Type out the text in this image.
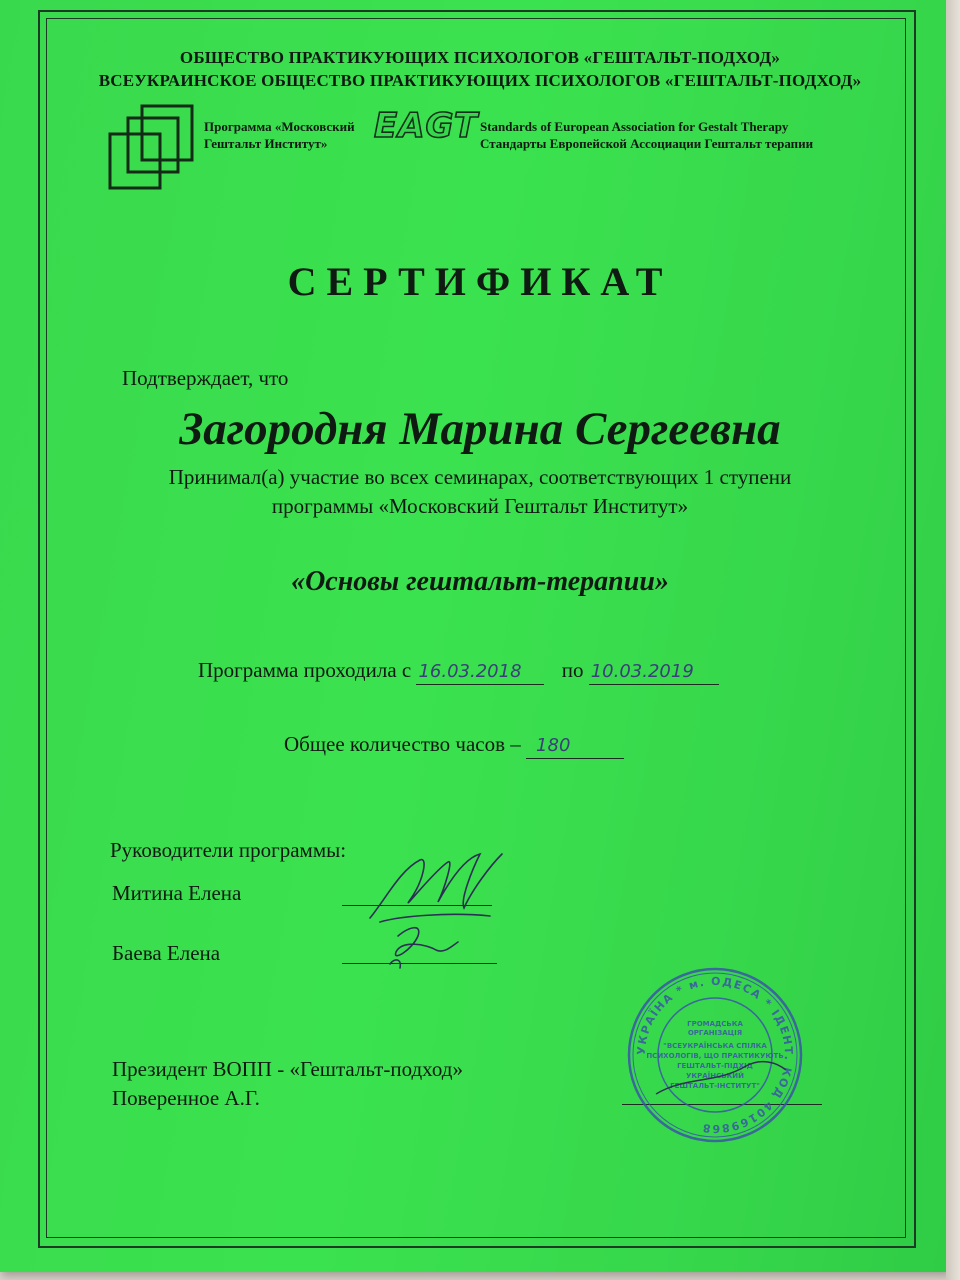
ОБЩЕСТВО ПРАКТИКУЮЩИХ ПСИХОЛОГОВ «ГЕШТАЛЬТ-ПОДХОД»
ВСЕУКРАИНСКОЕ ОБЩЕСТВО ПРАКТИКУЮЩИХ ПСИХОЛОГОВ «ГЕШТАЛЬТ-ПОДХОД»
Программа «Московский
Гештальт Институт»	EAGT Standards of European Association for Gestalt Therapy
Стандарты Европейской Ассоциации Гештальт терапии
СЕРТИФИКАТ
Подтверждает, что
Загородня Марина Сергеевна
Принимал(а) участие во всех семинарах, соответствующих 1 ступени
программы «Московский Гештальт Институт»
«Основы гештальт-терапии»
Программа проходила с 16.03.2018 по 10.03.2019
Общее количество часов – 180
Руководители программы:
Митина Елена
Баева Елена
Президент ВОПП - «Гештальт-подход»
Поверенное А.Г.
УКРАЇНА * м. ОДЕСА * ІДЕНТ. КОД 40169868
ГРОМАДСЬКА
ОРГАНІЗАЦІЯ
"ВСЕУКРАЇНСЬКА СПІЛКА
ПСИХОЛОГІВ, ЩО ПРАКТИКУЮТЬ
ГЕШТАЛЬТ-ПІДХІД
УКРАЇНСЬКИЙ
ГЕШТАЛЬТ-ІНСТИТУТ"
